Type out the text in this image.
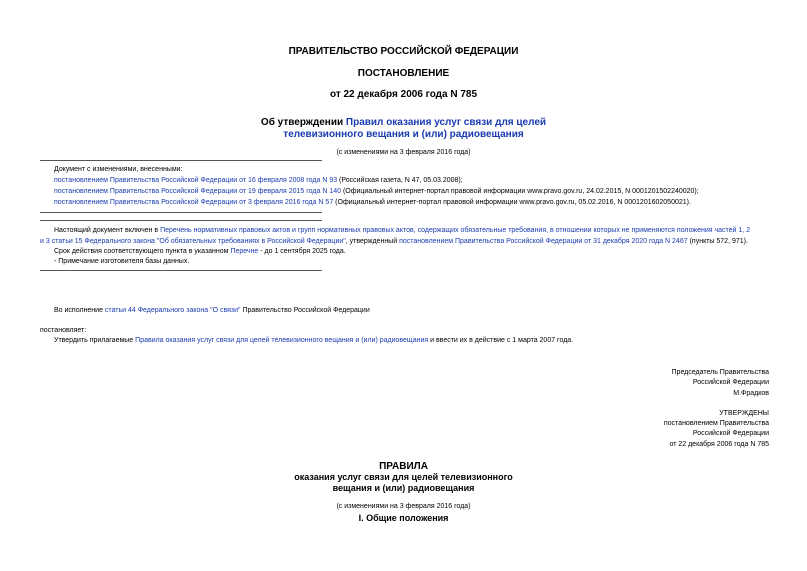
ПРАВИТЕЛЬСТВО РОССИЙСКОЙ ФЕДЕРАЦИИ
ПОСТАНОВЛЕНИЕ
от 22 декабря 2006 года N 785
Об утверждении Правил оказания услуг связи для целей
телевизионного вещания и (или) радиовещания
(с изменениями на 3 февраля 2016 года)
Документ с изменениями, внесенными:
постановлением Правительства Российской Федерации от 16 февраля 2008 года N 93 (Российская газета, N 47, 05.03.2008);
постановлением Правительства Российской Федерации от 19 февраля 2015 года N 140 (Официальный интернет-портал правовой информации www.pravo.gov.ru, 24.02.2015, N 0001201502240020);
постановлением Правительства Российской Федерации от 3 февраля 2016 года N 57 (Официальный интернет-портал правовой информации www.pravo.gov.ru, 05.02.2016, N 0001201602050021).
Настоящий документ включен в Перечень нормативных правовых актов и групп нормативных правовых актов, содержащих обязательные требования, в отношении которых не применяются положения частей 1, 2
и 3 статьи 15 Федерального закона "Об обязательных требованиях в Российской Федерации", утвержденный постановлением Правительства Российской Федерации от 31 декабря 2020 года N 2467 (пункты 572, 971).
Срок действия соответствующего пункта в указанном Перечне - до 1 сентября 2025 года.
- Примечание изготовителя базы данных.
Во исполнение статьи 44 Федерального закона "О связи" Правительство Российской Федерации
постановляет:
Утвердить прилагаемые Правила оказания услуг связи для целей телевизионного вещания и (или) радиовещания и ввести их в действие с 1 марта 2007 года.
Председатель Правительства
Российской Федерации
М.Фрадков
УТВЕРЖДЕНЫ
постановлением Правительства
Российской Федерации
от 22 декабря 2006 года N 785
ПРАВИЛА
оказания услуг связи для целей телевизионного
вещания и (или) радиовещания
(с изменениями на 3 февраля 2016 года)
I. Общие положения
